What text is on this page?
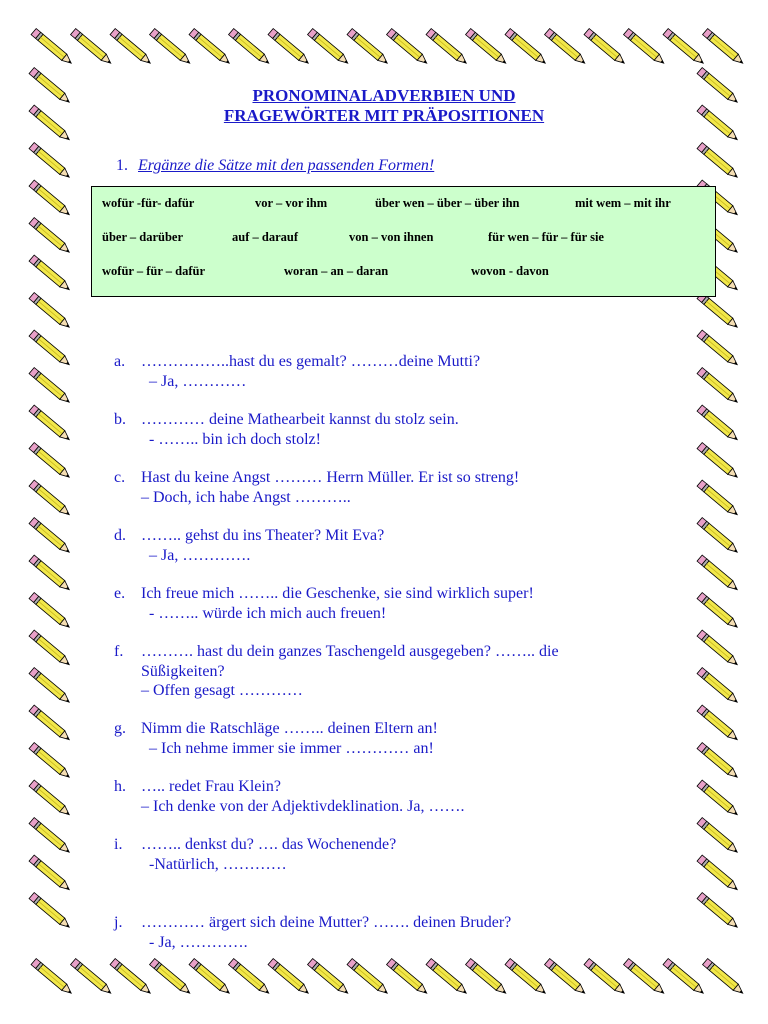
PRONOMINALADVERBIEN UND
FRAGEWÖRTER MIT PRÄPOSITIONEN
1. Ergänze die Sätze mit den passenden Formen!
wofür -für- dafür	vor – vor ihm	über wen – über – über ihn	mit wem – mit ihr
über – darüber	auf – darauf	von – von ihnen	für wen – für – für sie
wofür – für – dafür	woran – an – daran	wovon - davon
a. ……………..hast du es gemalt? ………deine Mutti?
– Ja, …………
b. ………… deine Mathearbeit kannst du stolz sein.
- …….. bin ich doch stolz!
c. Hast du keine Angst ……… Herrn Müller. Er ist so streng!
– Doch, ich habe Angst ………..
d. …….. gehst du ins Theater? Mit Eva?
– Ja, ………….
e. Ich freue mich …….. die Geschenke, sie sind wirklich super!
- …….. würde ich mich auch freuen!
f.	………. hast du dein ganzes Taschengeld ausgegeben? …….. die Süßigkeiten?
– Offen gesagt …………
g. Nimm die Ratschläge …….. deinen Eltern an!
– Ich nehme immer sie immer ………… an!
h. ….. redet Frau Klein?
– Ich denke von der Adjektivdeklination. Ja, …….
i.	…….. denkst du? …. das Wochenende?
-Natürlich, …………
j.	………… ärgert sich deine Mutter? ……. deinen Bruder?
- Ja, ………….
